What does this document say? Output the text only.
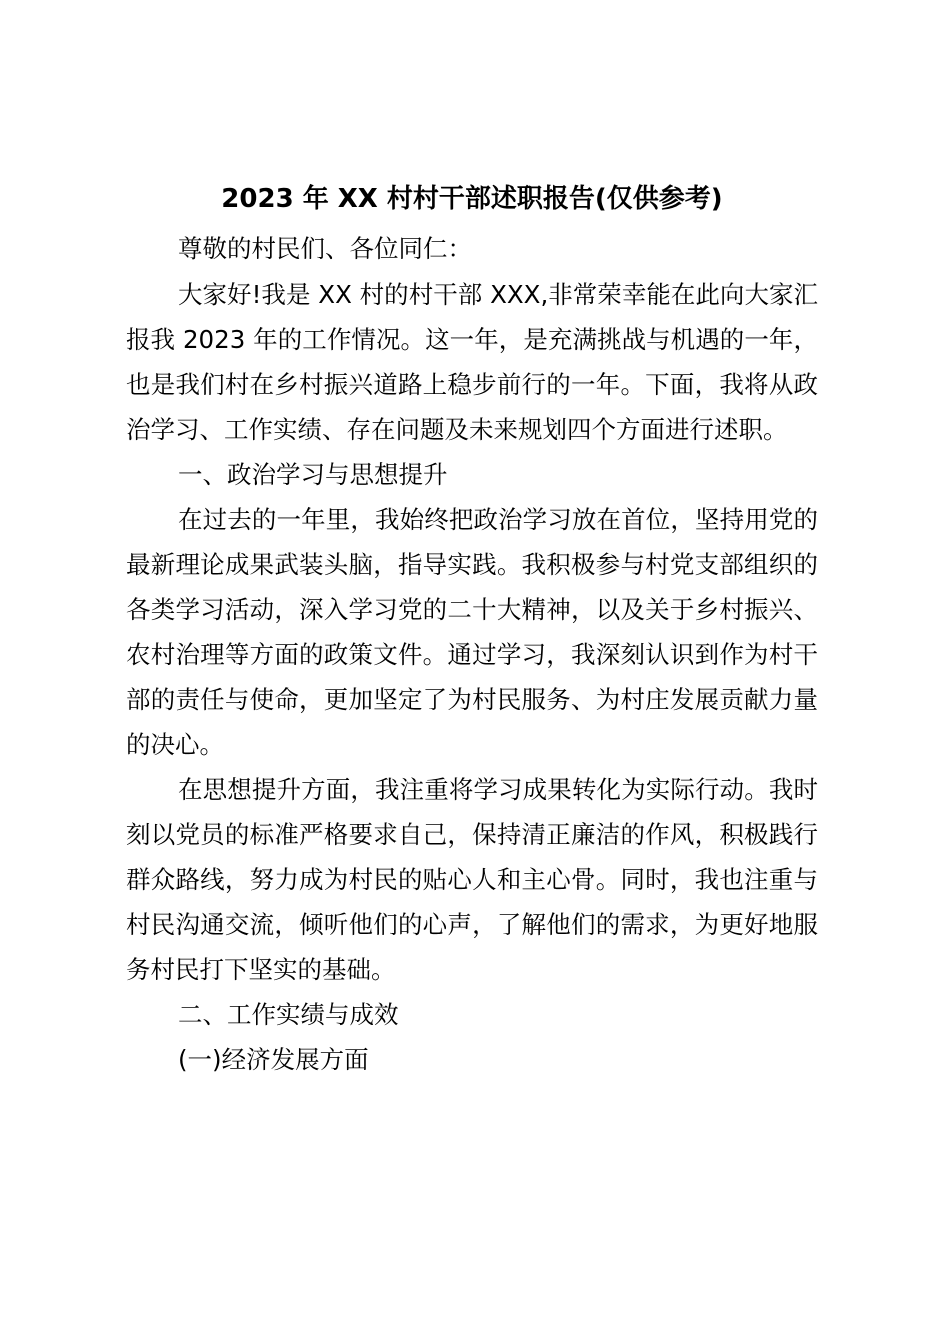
2023 年 XX 村村干部述职报告(仅供参考)

尊敬的村民们、各位同仁：

大家好!我是 XX 村的村干部 XXX,非常荣幸能在此向大家汇报我 2023 年的工作情况。这一年，是充满挑战与机遇的一年，也是我们村在乡村振兴道路上稳步前行的一年。下面，我将从政治学习、工作实绩、存在问题及未来规划四个方面进行述职。

一、政治学习与思想提升

在过去的一年里，我始终把政治学习放在首位，坚持用党的最新理论成果武装头脑，指导实践。我积极参与村党支部组织的各类学习活动，深入学习党的二十大精神，以及关于乡村振兴、农村治理等方面的政策文件。通过学习，我深刻认识到作为村干部的责任与使命，更加坚定了为村民服务、为村庄发展贡献力量的决心。

在思想提升方面，我注重将学习成果转化为实际行动。我时刻以党员的标准严格要求自己，保持清正廉洁的作风，积极践行群众路线，努力成为村民的贴心人和主心骨。同时，我也注重与村民沟通交流，倾听他们的心声，了解他们的需求，为更好地服务村民打下坚实的基础。

二、工作实绩与成效

(一)经济发展方面
